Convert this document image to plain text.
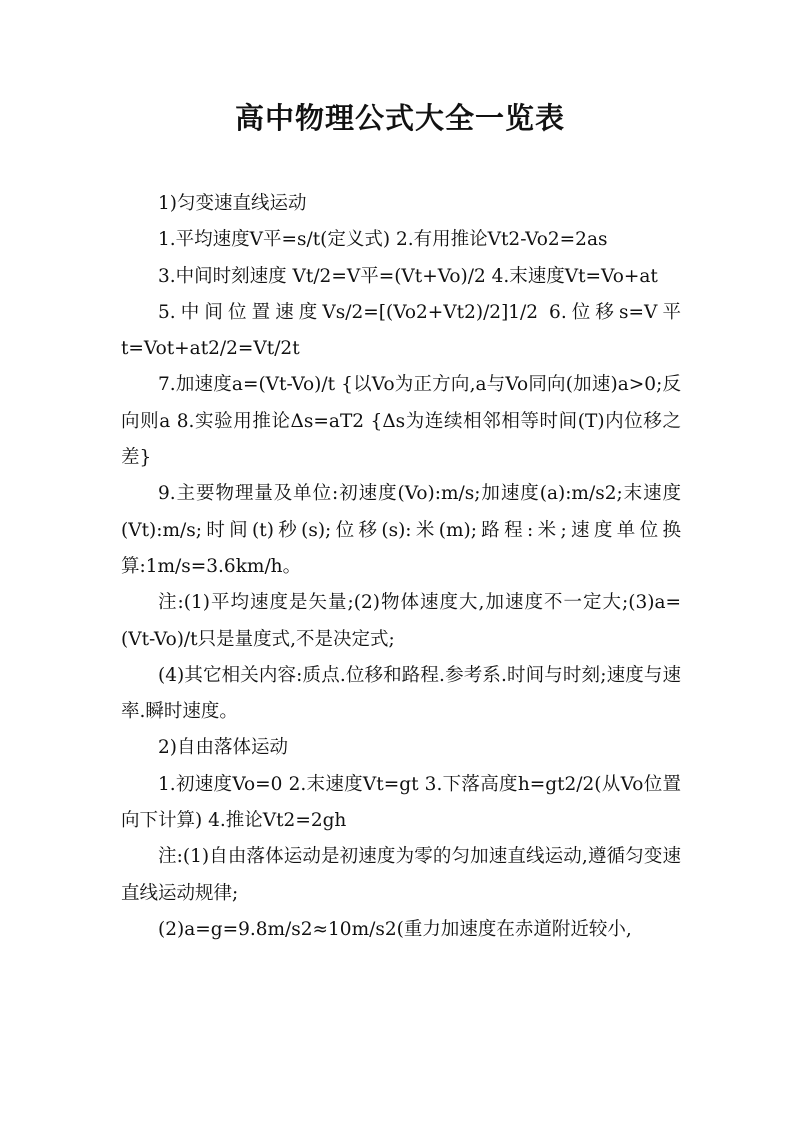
高中物理公式大全一览表

1)匀变速直线运动

1.平均速度V平=s/t(定义式) 2.有用推论Vt2-Vo2=2as

3.中间时刻速度 Vt/2=V平=(Vt+Vo)/2 4.末速度Vt=Vo+at

5.中间位置速度Vs/2=[(Vo2+Vt2)/2]1/2 6.位移s=V平t=Vot+at2/2=Vt/2t

7.加速度a=(Vt-Vo)/t {以Vo为正方向,a与Vo同向(加速)a>0;反向则a 8.实验用推论Δs=aT2 {Δs为连续相邻相等时间(T)内位移之差}

9.主要物理量及单位:初速度(Vo):m/s;加速度(a):m/s2;末速度(Vt):m/s;时间(t)秒(s);位移(s):米(m);路程:米;速度单位换算:1m/s=3.6km/h。

注:(1)平均速度是矢量;(2)物体速度大,加速度不一定大;(3)a=(Vt-Vo)/t只是量度式,不是决定式;

(4)其它相关内容:质点.位移和路程.参考系.时间与时刻;速度与速率.瞬时速度。

2)自由落体运动

1.初速度Vo=0 2.末速度Vt=gt 3.下落高度h=gt2/2(从Vo位置向下计算) 4.推论Vt2=2gh

注:(1)自由落体运动是初速度为零的匀加速直线运动,遵循匀变速直线运动规律;

(2)a=g=9.8m/s2≈10m/s2(重力加速度在赤道附近较小,
